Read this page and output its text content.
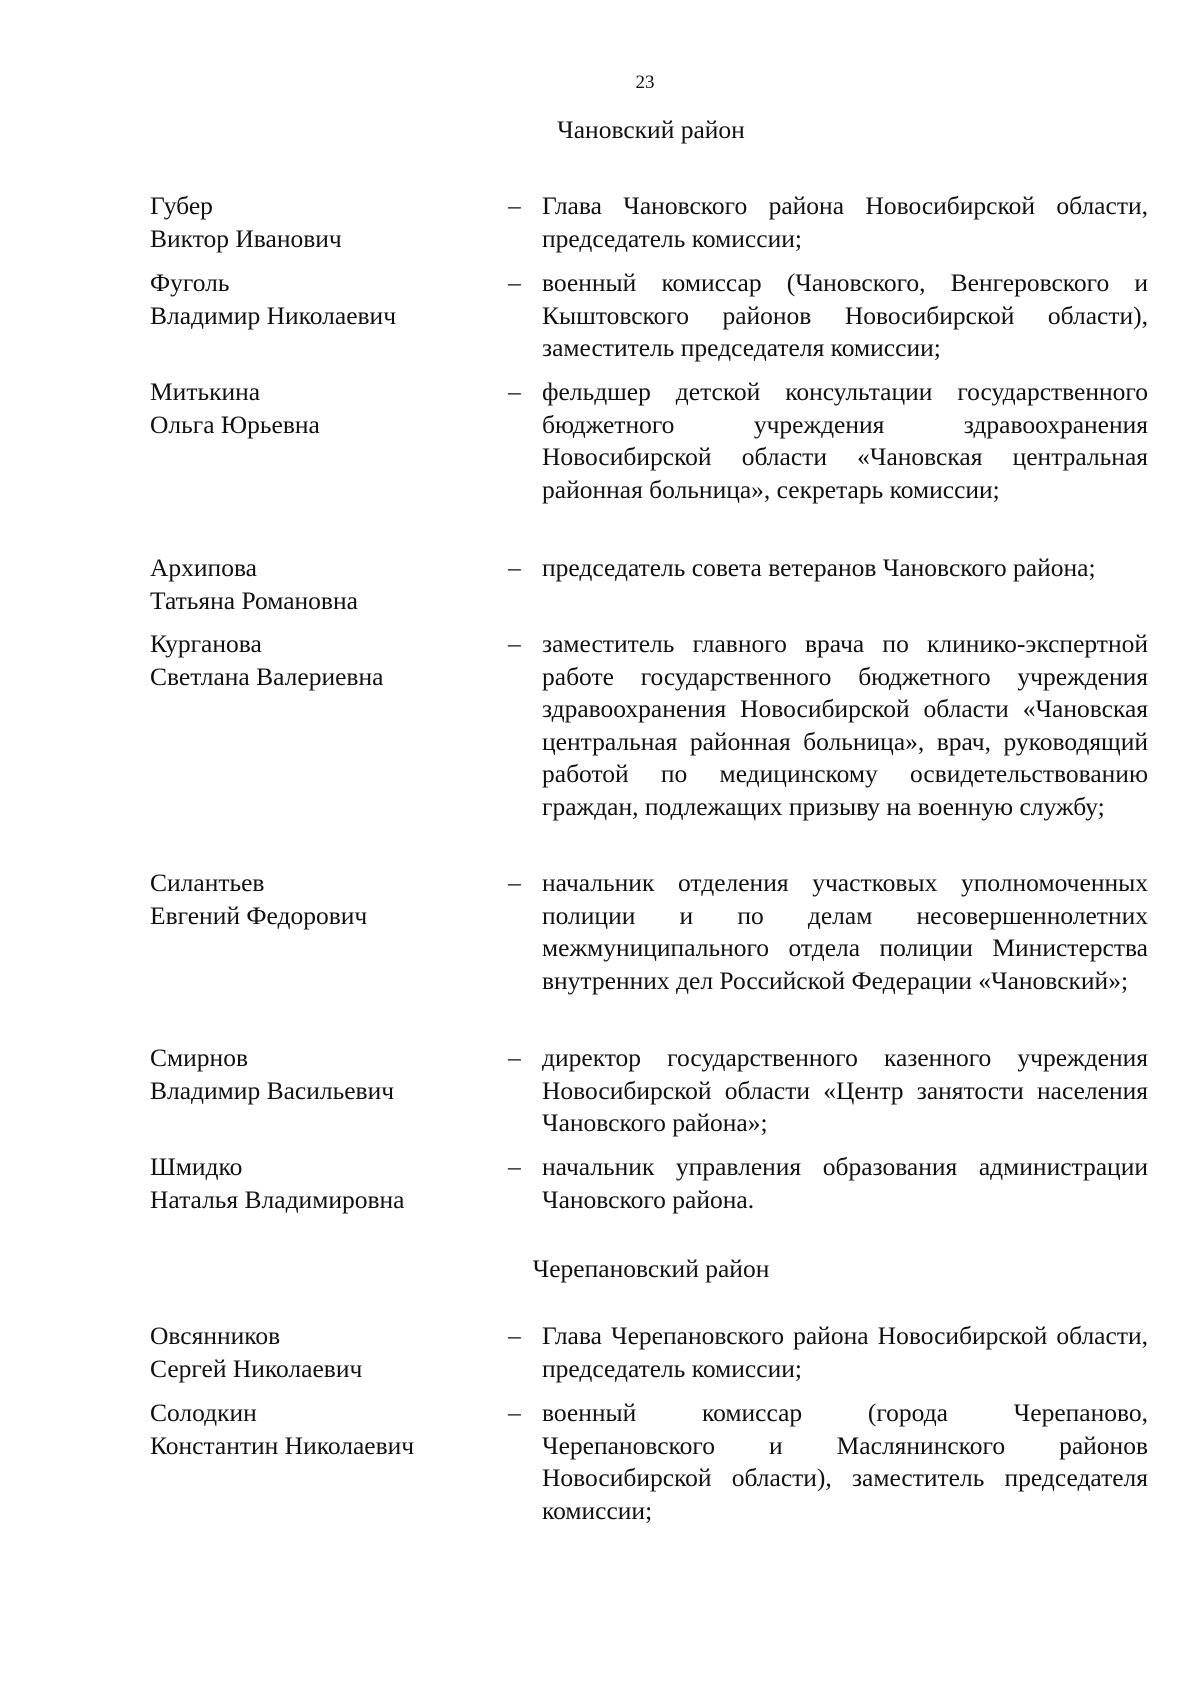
23
Чановский район
Губер
Виктор Иванович
– Глава Чановского района Новосибирской области, председатель комиссии;
Фуголь
Владимир Николаевич
– военный комиссар (Чановского, Венгеровского и Кыштовского районов Новосибирской области), заместитель председателя комиссии;
Митькина
Ольга Юрьевна
– фельдшер детской консультации государственного бюджетного учреждения здравоохранения Новосибирской области «Чановская центральная районная больница», секретарь комиссии;
Архипова
Татьяна Романовна
– председатель совета ветеранов Чановского района;
Курганова
Светлана Валериевна
– заместитель главного врача по клинико-экспертной работе государственного бюджетного учреждения здравоохранения Новосибирской области «Чановская центральная районная больница», врач, руководящий работой по медицинскому освидетельствованию граждан, подлежащих призыву на военную службу;
Силантьев
Евгений Федорович
– начальник отделения участковых уполномоченных полиции и по делам несовершеннолетних межмуниципального отдела полиции Министерства внутренних дел Российской Федерации «Чановский»;
Смирнов
Владимир Васильевич
– директор государственного казенного учреждения Новосибирской области «Центр занятости населения Чановского района»;
Шмидко
Наталья Владимировна
– начальник управления образования администрации Чановского района.
Черепановский район
Овсянников
Сергей Николаевич
– Глава Черепановского района Новосибирской области, председатель комиссии;
Солодкин
Константин Николаевич
– военный комиссар (города Черепаново, Черепановского и Маслянинского районов Новосибирской области), заместитель председателя комиссии;
